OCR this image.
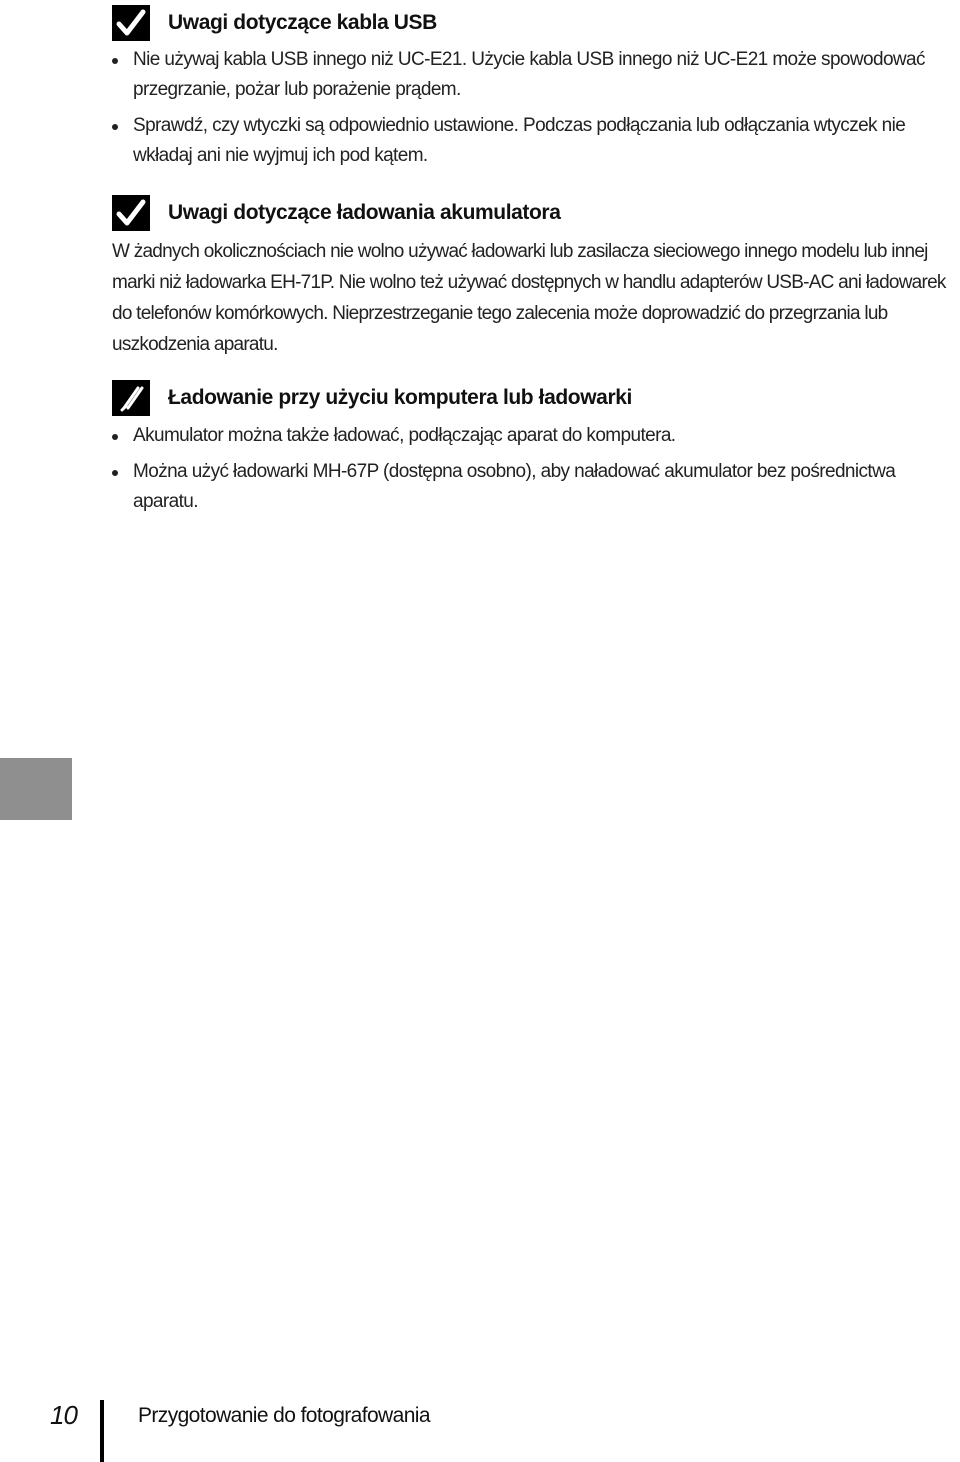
Uwagi dotyczące kabla USB
Nie używaj kabla USB innego niż UC-E21. Użycie kabla USB innego niż UC-E21 może spowodować przegrzanie, pożar lub porażenie prądem.
Sprawdź, czy wtyczki są odpowiednio ustawione. Podczas podłączania lub odłączania wtyczek nie wkładaj ani nie wyjmuj ich pod kątem.
Uwagi dotyczące ładowania akumulatora

W żadnych okolicznościach nie wolno używać ładowarki lub zasilacza sieciowego innego modelu lub innej marki niż ładowarka EH-71P. Nie wolno też używać dostępnych w handlu adapterów USB-AC ani ładowarek do telefonów komórkowych. Nieprzestrzeganie tego zalecenia może doprowadzić do przegrzania lub uszkodzenia aparatu.

Ładowanie przy użyciu komputera lub ładowarki
Akumulator można także ładować, podłączając aparat do komputera.
Można użyć ładowarki MH-67P (dostępna osobno), aby naładować akumulator bez pośrednictwa aparatu.
10	Przygotowanie do fotografowania
